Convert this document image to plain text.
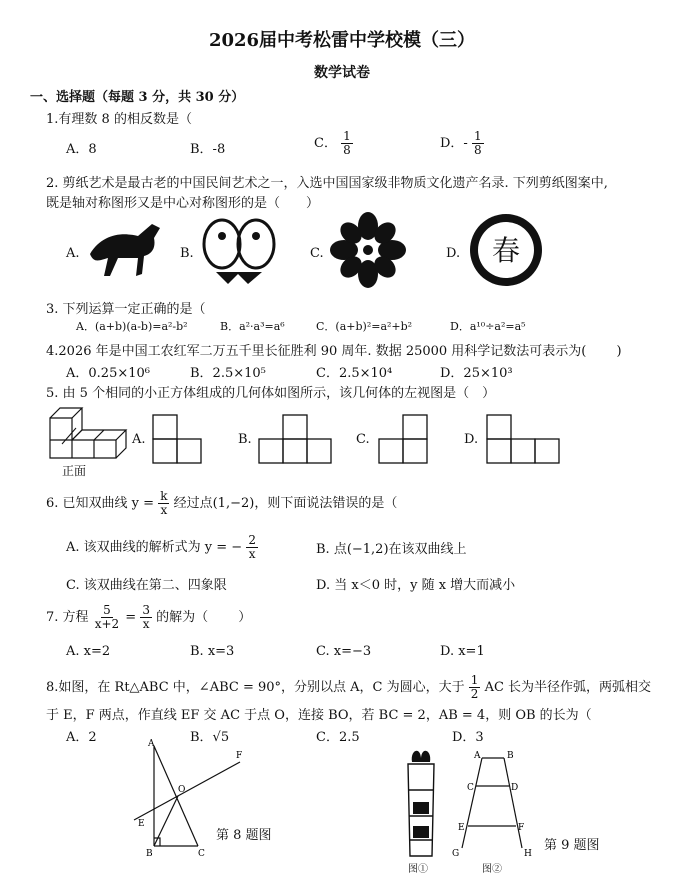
2026届中考松雷中学校模（三）
数学试卷
一、选择题（每题 3 分，共 30 分）
1.有理数 8 的相反数是（
A．8	B．-8	C． $\frac{1}{8}$	D．- $\frac{1}{8}$
2. 剪纸艺术是最古老的中国民间艺术之一，入选中国国家级非物质文化遗产名录. 下列剪纸图案中,
既是轴对称图形又是中心对称图形的是（　　）
A.	B.	C.	D. 春
3. 下列运算一定正确的是（
A．(a+b)(a-b)=a²-b²	B．a²·a³=a⁶	C．(a+b)²=a²+b²	D．a¹⁰÷a²=a⁵
4.2026 年是中国工农红军二万五千里长征胜利 90 周年. 数据 25000 用科学记数法可表示为(　　 )
A．0.25×10⁶	B．2.5×10⁵	C．2.5×10⁴	D．25×10³
5. 由 5 个相同的小正方体组成的几何体如图所示，该几何体的左视图是（　）
正面
A.	B.	C.	D.
6. 已知双曲线 $y = \frac{k}{x}$ 经过点(1,−2)，则下面说法错误的是（
A. 该双曲线的解析式为 y = − $\frac{2}{x}$	B. 点(−1,2)在该双曲线上
C. 该双曲线在第二、四象限	D. 当 x＜0 时，y 随 x 增大而减小
7. 方程 $\frac{5}{x+2} = \frac{3}{x}$ 的解为（　　 ）
A. x=2	B. x=3	C. x=−3	D. x=1
8.如图，在 Rt△ABC 中，∠ABC = 90°，分别以点 A，C 为圆心，大于 $\frac{1}{2}$ AC 长为半径作弧，两弧相交
于 E，F 两点，作直线 EF 交 AC 于点 O，连接 BO，若 BC = 2，AB = 4，则 OB 的长为（
A．2	B．√5	C．2.5	D．3
A
B	C
E
F
O
第 8 题图
图①
A	B
C	D
E	F
G	H
图②
第 9 题图
